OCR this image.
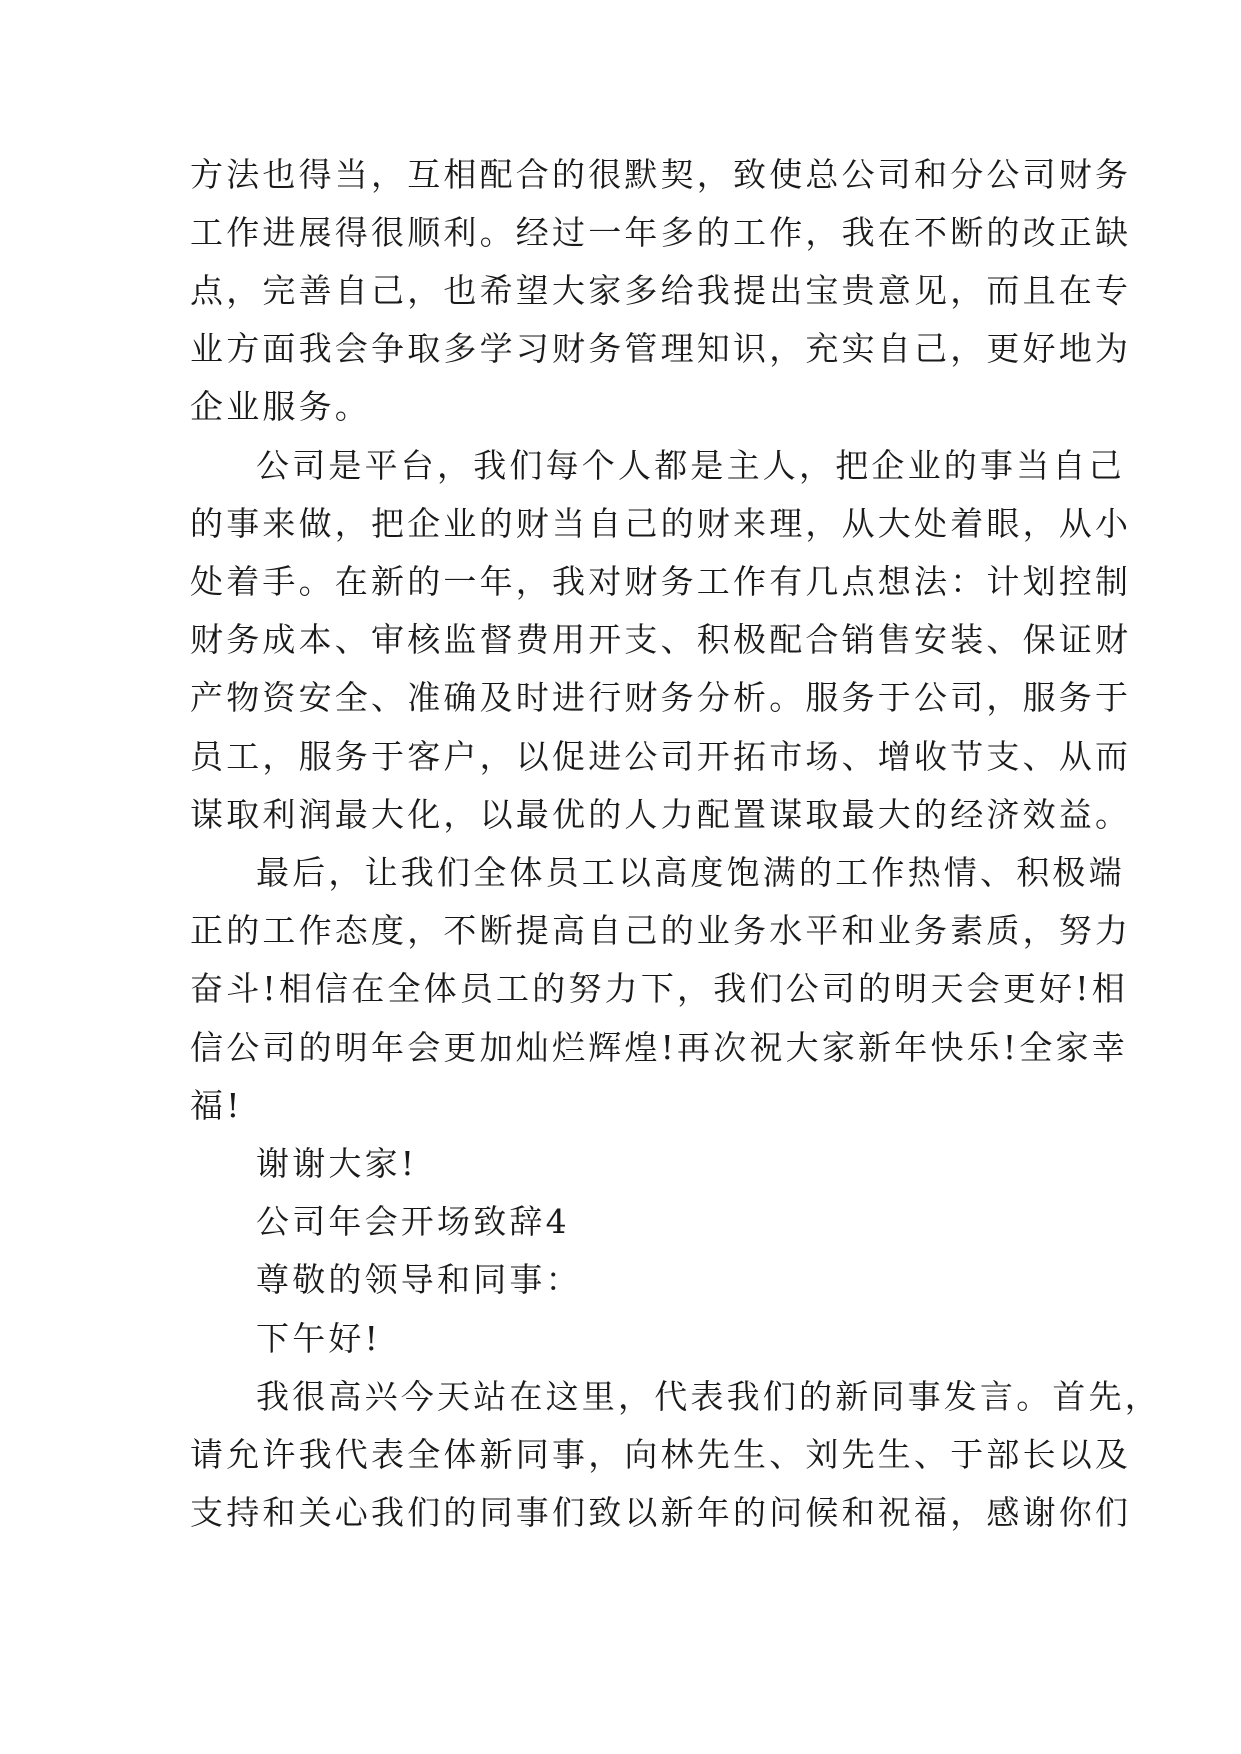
方法也得当，互相配合的很默契，致使总公司和分公司财务
工作进展得很顺利。经过一年多的工作，我在不断的改正缺
点，完善自己，也希望大家多给我提出宝贵意见，而且在专
业方面我会争取多学习财务管理知识，充实自己，更好地为
企业服务。
公司是平台，我们每个人都是主人，把企业的事当自己
的事来做，把企业的财当自己的财来理，从大处着眼，从小
处着手。在新的一年，我对财务工作有几点想法：计划控制
财务成本、审核监督费用开支、积极配合销售安装、保证财
产物资安全、准确及时进行财务分析。服务于公司，服务于
员工，服务于客户，以促进公司开拓市场、增收节支、从而
谋取利润最大化，以最优的人力配置谋取最大的经济效益。
最后，让我们全体员工以高度饱满的工作热情、积极端
正的工作态度，不断提高自己的业务水平和业务素质，努力
奋斗!相信在全体员工的努力下，我们公司的明天会更好!相
信公司的明年会更加灿烂辉煌!再次祝大家新年快乐!全家幸
福!
谢谢大家!
公司年会开场致辞4
尊敬的领导和同事：
下午好!
我很高兴今天站在这里，代表我们的新同事发言。首先，
请允许我代表全体新同事，向林先生、刘先生、于部长以及
支持和关心我们的同事们致以新年的问候和祝福，感谢你们
